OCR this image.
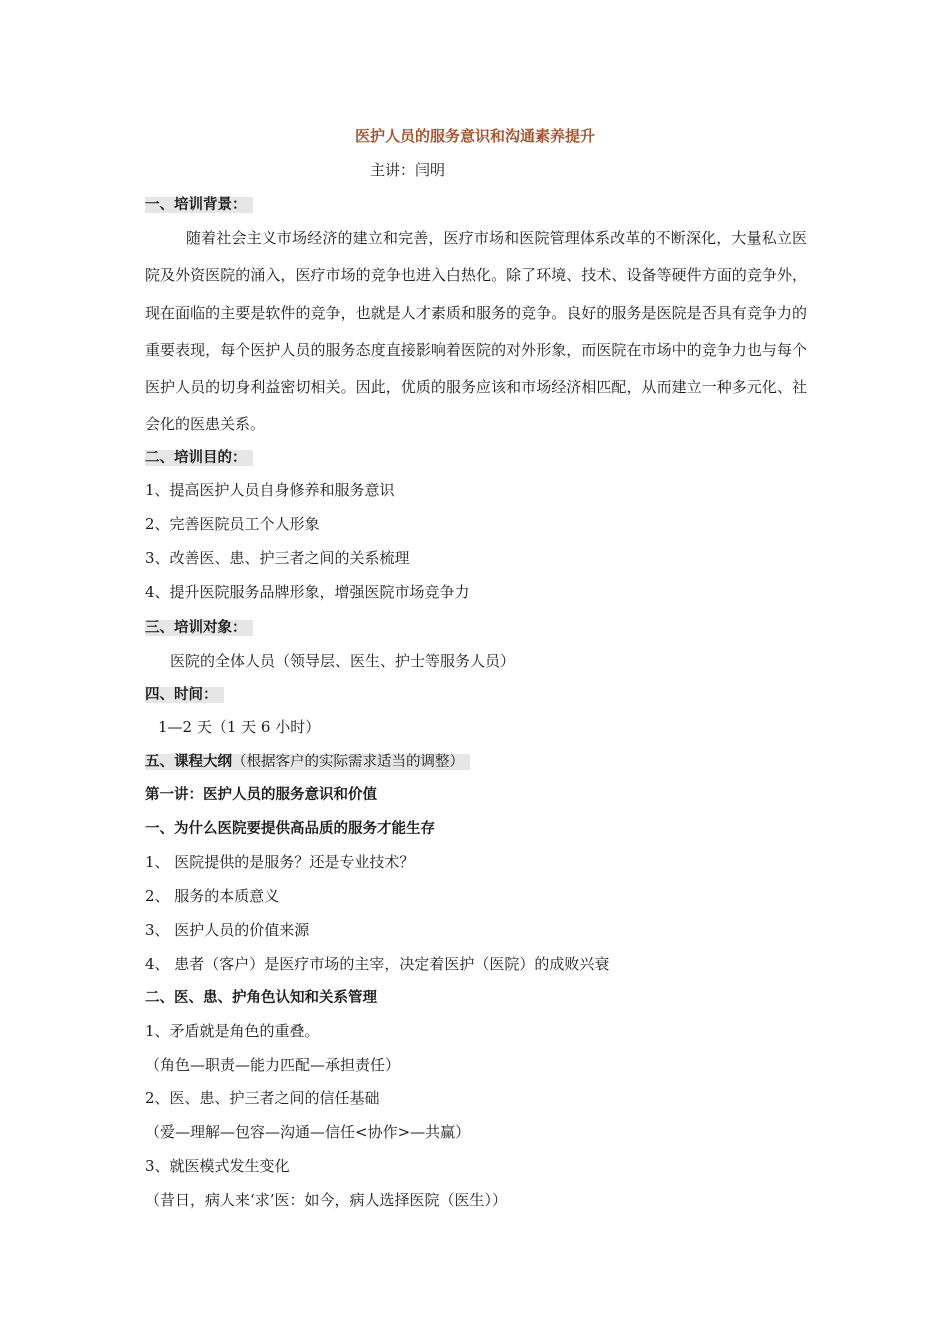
医护人员的服务意识和沟通素养提升
主讲：闫明
一、培训背景：
随着社会主义市场经济的建立和完善，医疗市场和医院管理体系改革的不断深化，大量私立医院及外资医院的涌入，医疗市场的竞争也进入白热化。除了环境、技术、设备等硬件方面的竞争外，现在面临的主要是软件的竞争，也就是人才素质和服务的竞争。良好的服务是医院是否具有竞争力的重要表现，每个医护人员的服务态度直接影响着医院的对外形象，而医院在市场中的竞争力也与每个医护人员的切身利益密切相关。因此，优质的服务应该和市场经济相匹配，从而建立一种多元化、社会化的医患关系。
二、培训目的：
1、提高医护人员自身修养和服务意识
2、完善医院员工个人形象
3、改善医、患、护三者之间的关系梳理
4、提升医院服务品牌形象，增强医院市场竞争力
三、培训对象：
医院的全体人员（领导层、医生、护士等服务人员）
四、时间：
1—2 天（1 天 6 小时）
五、课程大纲（根据客户的实际需求适当的调整）
第一讲：医护人员的服务意识和价值
一、为什么医院要提供高品质的服务才能生存
1、 医院提供的是服务？还是专业技术？
2、 服务的本质意义
3、 医护人员的价值来源
4、 患者（客户）是医疗市场的主宰，决定着医护（医院）的成败兴衰
二、医、患、护角色认知和关系管理
1、矛盾就是角色的重叠。
（角色—职责—能力匹配—承担责任）
2、医、患、护三者之间的信任基础
（爱—理解—包容—沟通—信任<协作>—共赢）
3、就医模式发生变化
（昔日，病人来‘求’医：如今，病人选择医院（医生））
